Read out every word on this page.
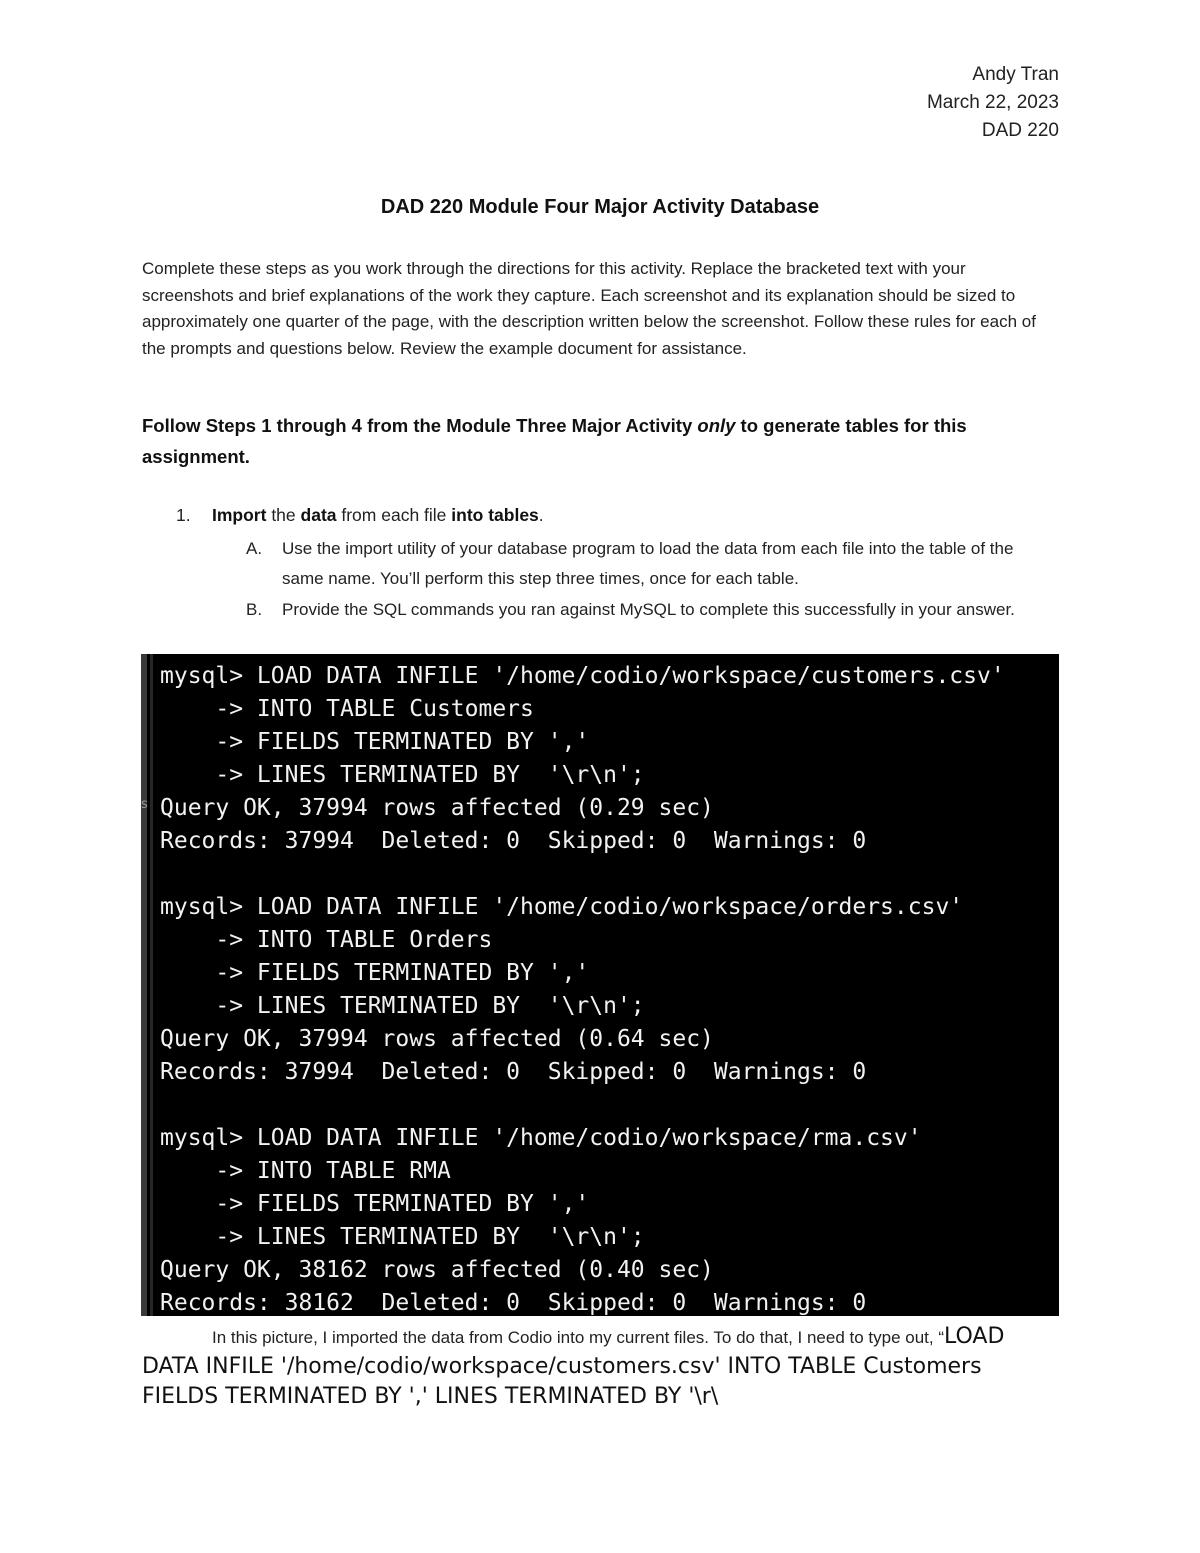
Andy Tran
March 22, 2023
DAD 220
DAD 220 Module Four Major Activity Database
Complete these steps as you work through the directions for this activity. Replace the bracketed text with your screenshots and brief explanations of the work they capture. Each screenshot and its explanation should be sized to approximately one quarter of the page, with the description written below the screenshot. Follow these rules for each of the prompts and questions below. Review the example document for assistance.
Follow Steps 1 through 4 from the Module Three Major Activity only to generate tables for this assignment.
1. Import the data from each file into tables.
A. Use the import utility of your database program to load the data from each file into the table of the same name. You’ll perform this step three times, once for each table.
B. Provide the SQL commands you ran against MySQL to complete this successfully in your answer.
s
mysql> LOAD DATA INFILE '/home/codio/workspace/customers.csv'
-> INTO TABLE Customers
-> FIELDS TERMINATED BY ','
-> LINES TERMINATED BY  '\r\n';
Query OK, 37994 rows affected (0.29 sec)
Records: 37994  Deleted: 0  Skipped: 0  Warnings: 0
mysql> LOAD DATA INFILE '/home/codio/workspace/orders.csv'
-> INTO TABLE Orders
-> FIELDS TERMINATED BY ','
-> LINES TERMINATED BY  '\r\n';
Query OK, 37994 rows affected (0.64 sec)
Records: 37994  Deleted: 0  Skipped: 0  Warnings: 0
mysql> LOAD DATA INFILE '/home/codio/workspace/rma.csv'
-> INTO TABLE RMA
-> FIELDS TERMINATED BY ','
-> LINES TERMINATED BY  '\r\n';
Query OK, 38162 rows affected (0.40 sec)
Records: 38162  Deleted: 0  Skipped: 0  Warnings: 0
In this picture, I imported the data from Codio into my current files. To do that, I need to type out, “LOAD DATA INFILE '/home/codio/workspace/customers.csv' INTO TABLE Customers FIELDS TERMINATED BY ',' LINES TERMINATED BY '\r\
